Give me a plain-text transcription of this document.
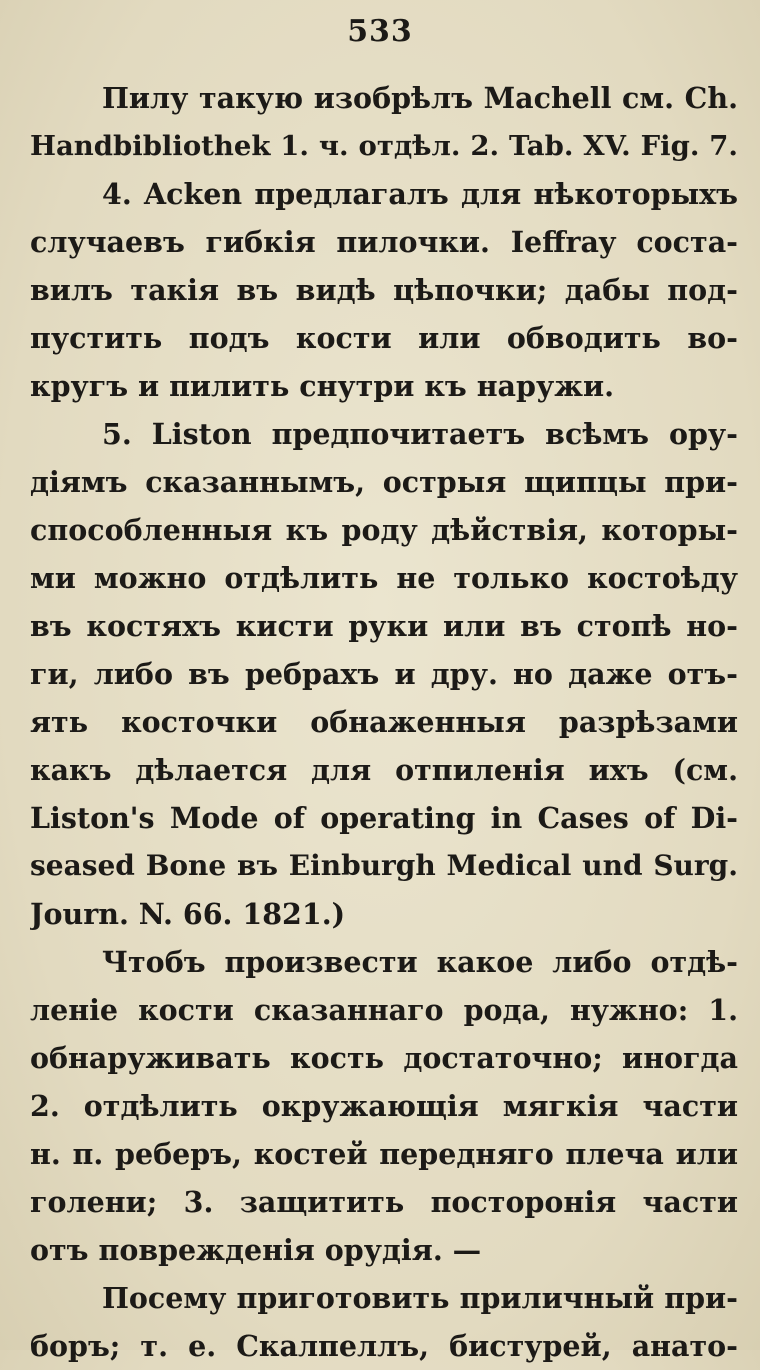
533
Пилу такую изобрѣлъ Machell см. Ch.
Handbibliothek 1. ч. отдѣл. 2. Tab. XV. Fig. 7.
4. Acken предлагалъ для нѣкоторыхъ
случаевъ гибкія пилочки. Ieffray соста-
вилъ такія въ видѣ цѣпочки; дабы под-
пустить подъ кости или обводить во-
кругъ и пилить снутри къ наружи.
5. Liston предпочитаетъ всѣмъ ору-
діямъ сказаннымъ, острыя щипцы при-
способленныя къ роду дѣйствія, которы-
ми можно отдѣлить не только костоѣду
въ костяхъ кисти руки или въ стопѣ но-
ги, либо въ ребрахъ и дру. но даже отъ-
ять косточки обнаженныя разрѣзами
какъ дѣлается для отпиленія ихъ (см.
Liston's Mode of operating in Cases of Di-
seased Bone въ Einburgh Medical und Surg.
Journ. N. 66. 1821.)
Чтобъ произвести какое либо отдѣ-
леніе кости сказаннаго рода, нужно: 1.
обнаруживать кость достаточно; иногда
2. отдѣлить окружающія мягкія части
н. п. реберъ, костей передняго плеча или
голени; 3. защитить посторонія части
отъ поврежденія орудія. —
Посему приготовить приличный при-
боръ; т. е. Скалпеллъ, бистурей, анато-
